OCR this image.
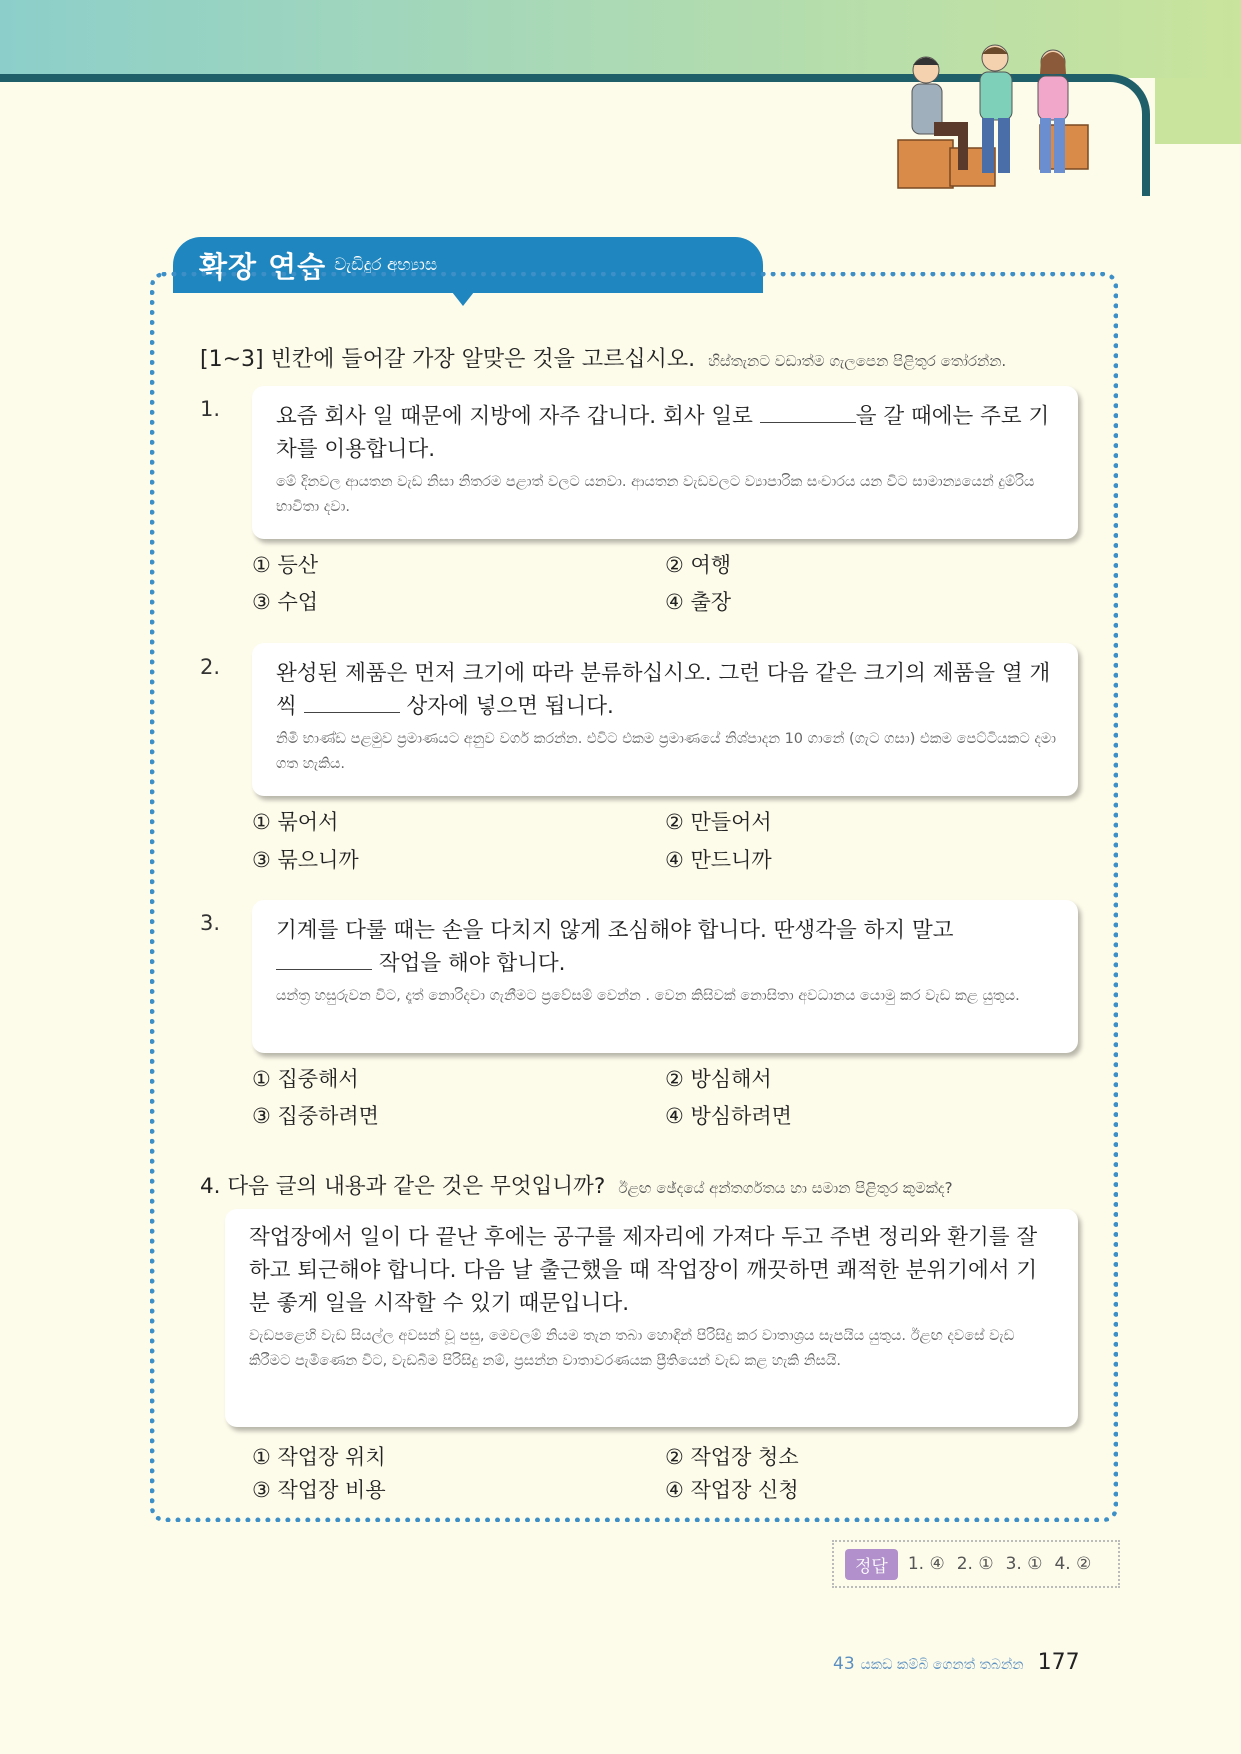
확장 연습 වැඩිදුර අභ්‍යාස
[1~3] 빈칸에 들어갈 가장 알맞은 것을 고르십시오. හිස්තැනට වඩාත්ම ගැලපෙන පිළිතුර තෝරන්න.
1.	요즘 회사 일 때문에 지방에 자주 갑니다. 회사 일로	을 갈 때에는 주로 기차를 이용합니다.
මේ දිනවල ආයතන වැඩ නිසා නිතරම පළාත් වලට යනවා. ආයතන වැඩවලට ව්‍යාපාරික සංචාරය යන විට සාමාන්‍යයෙන් දුම්රිය භාවිතා දවා.
① 등산	② 여행
③ 수업	④ 출장
2.	완성된 제품은 먼저 크기에 따라 분류하십시오. 그런 다음 같은 크기의 제품을 열 개씩	상자에 넣으면 됩니다.
නිමි භාණ්ඩ පළමුව ප්‍රමාණයට අනුව වර්ග කරන්න. එවිට එකම ප්‍රමාණයේ නිශ්පාදන 10 ගානේ (ගැට ගසා) එකම පෙට්ටියකට දමා ගත හැකිය.
① 묶어서	② 만들어서
③ 묶으니까	④ 만드니까
3.	기계를 다룰 때는 손을 다치지 않게 조심해야 합니다. 딴생각을 하지 말고  작업을 해야 합니다.
යන්ත්‍ර හසුරුවන විට, දෑත් නොරිදවා ගැනීමට ප්‍රවේසම් වෙන්න . වෙන කිසිවක් නොසිතා අවධානය යොමු කර වැඩ කළ යුතුය.
① 집중해서	② 방심해서
③ 집중하려면	④ 방심하려면
4. 다음 글의 내용과 같은 것은 무엇입니까? ඊළඟ ඡේදයේ අන්තර්ගතය හා සමාන පිළිතුර කුමක්ද?
작업장에서 일이 다 끝난 후에는 공구를 제자리에 가져다 두고 주변 정리와 환기를 잘 하고 퇴근해야 합니다. 다음 날 출근했을 때 작업장이 깨끗하면 쾌적한 분위기에서 기분 좋게 일을 시작할 수 있기 때문입니다.
වැඩපළෙහි වැඩ සියල්ල අවසන් වූ පසු, මෙවලම් නියම තැන තබා හොඳින් පිරිසිදු කර වාතාශ්‍රය සැපයිය යුතුය. ඊළඟ දවසේ වැඩ කිරීමට පැමිණෙන විට, වැඩබිම පිරිසිදු නම්, ප්‍රසන්න වාතාවරණයක ප්‍රීතියෙන් වැඩ කළ හැකි නිසයි.
① 작업장 위치	② 작업장 청소
③ 작업장 비용	④ 작업장 신청
정답	1. ④ 2. ① 3. ① 4. ②
43 යකඩ කම්බි ගෙනත් තබන්න 177
